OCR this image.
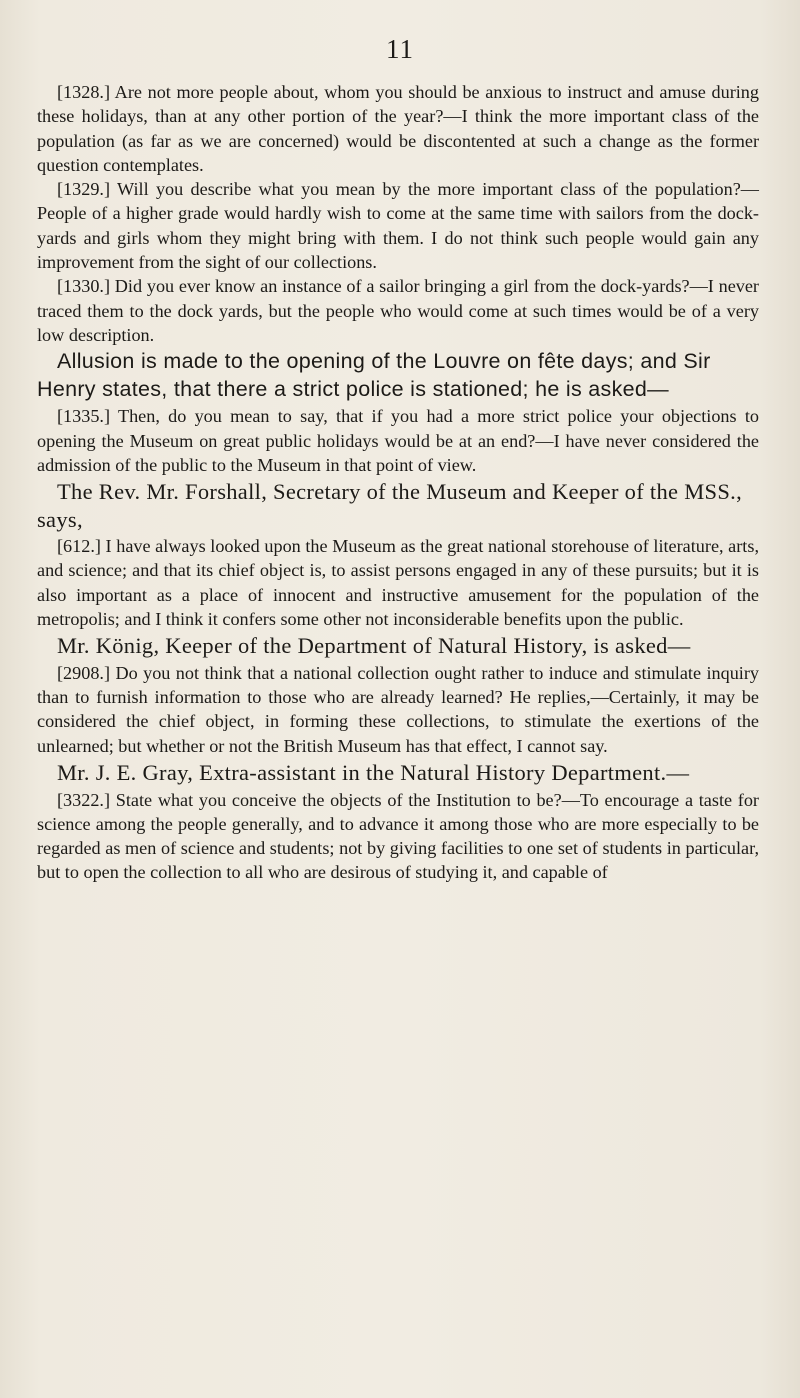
11

[1328.] Are not more people about, whom you should be anxious to instruct and amuse during these holidays, than at any other portion of the year?—I think the more important class of the population (as far as we are concerned) would be discontented at such a change as the former question contemplates.

[1329.] Will you describe what you mean by the more important class of the population?—People of a higher grade would hardly wish to come at the same time with sailors from the dock-yards and girls whom they might bring with them. I do not think such people would gain any improvement from the sight of our collections.

[1330.] Did you ever know an instance of a sailor bringing a girl from the dock-yards?—I never traced them to the dock yards, but the people who would come at such times would be of a very low description.

Allusion is made to the opening of the Louvre on fête days; and Sir Henry states, that there a strict police is stationed; he is asked—

[1335.] Then, do you mean to say, that if you had a more strict police your objections to opening the Museum on great public holidays would be at an end?—I have never considered the admission of the public to the Museum in that point of view.

The Rev. Mr. Forshall, Secretary of the Museum and Keeper of the MSS., says,

[612.] I have always looked upon the Museum as the great national storehouse of literature, arts, and science; and that its chief object is, to assist persons engaged in any of these pursuits; but it is also important as a place of innocent and instructive amusement for the population of the metropolis; and I think it confers some other not inconsiderable benefits upon the public.

Mr. König, Keeper of the Department of Natural History, is asked—

[2908.] Do you not think that a national collection ought rather to induce and stimulate inquiry than to furnish information to those who are already learned? He replies,—Certainly, it may be considered the chief object, in forming these collections, to stimulate the exertions of the unlearned; but whether or not the British Museum has that effect, I cannot say.

Mr. J. E. Gray, Extra-assistant in the Natural History Department.—

[3322.] State what you conceive the objects of the Institution to be?—To encourage a taste for science among the people generally, and to advance it among those who are more especially to be regarded as men of science and students; not by giving facilities to one set of students in particular, but to open the collection to all who are desirous of studying it, and capable of
